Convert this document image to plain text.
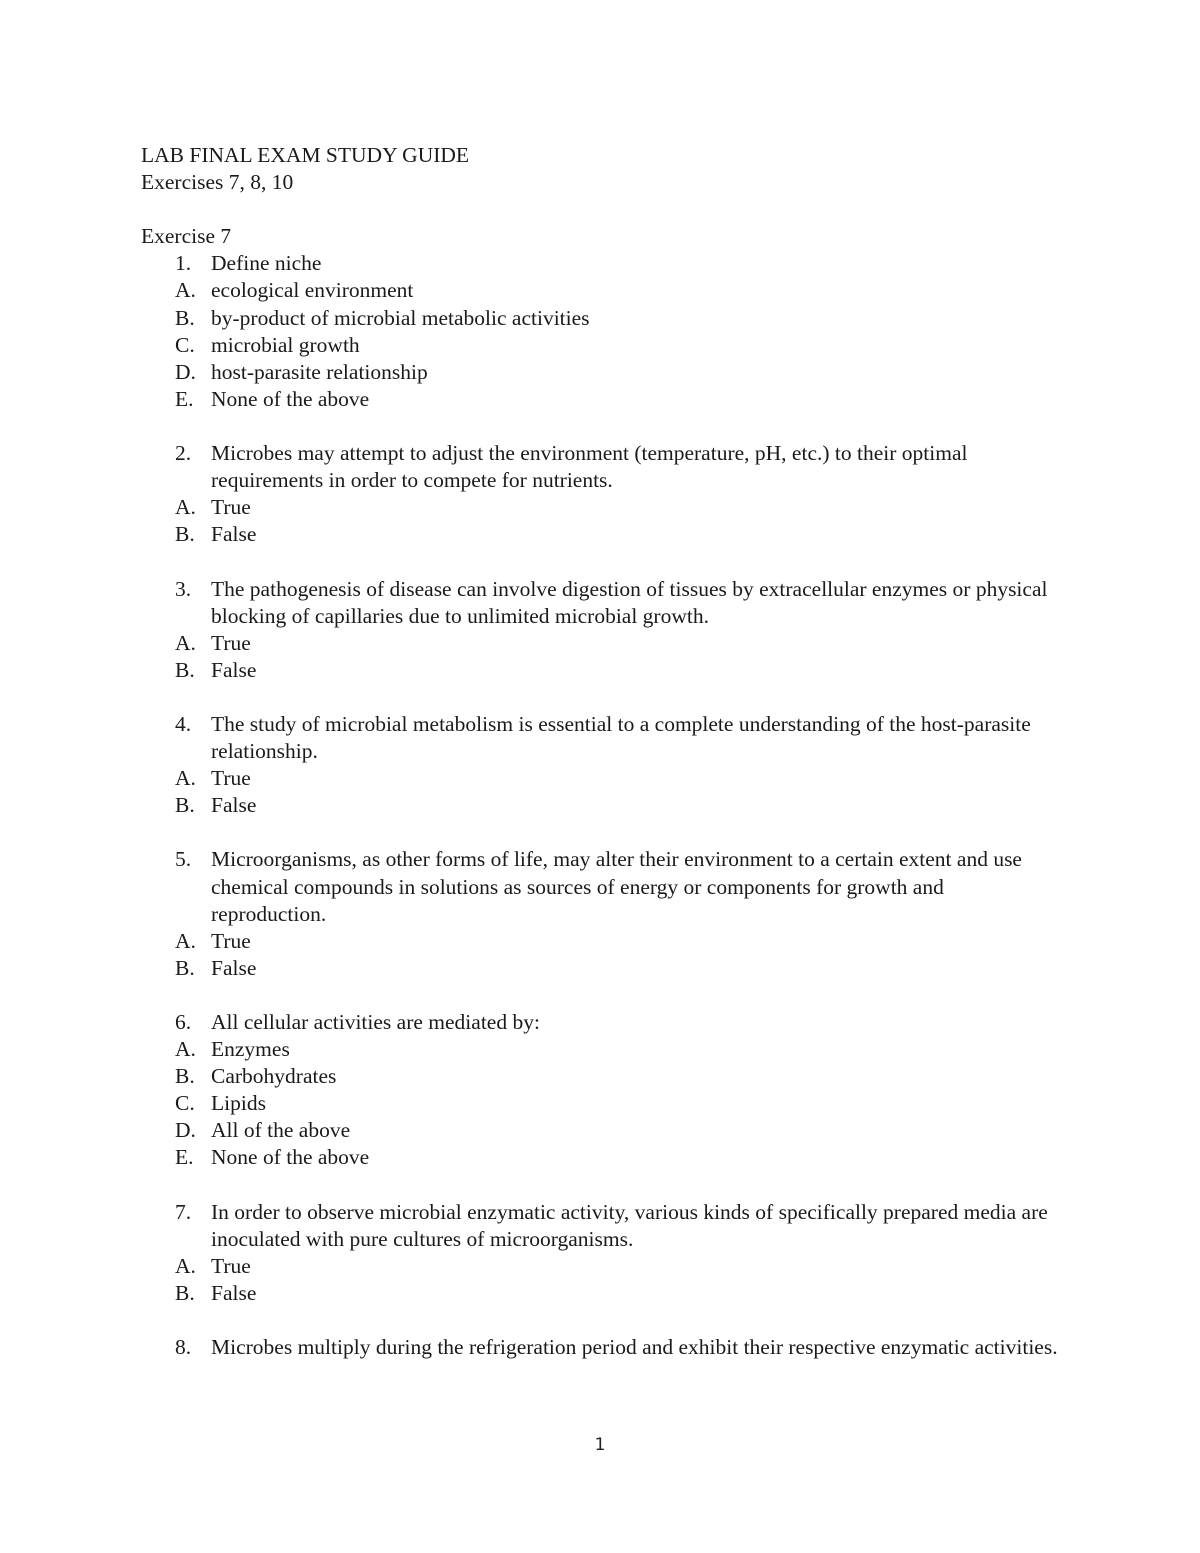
LAB FINAL EXAM STUDY GUIDE
Exercises 7, 8, 10
Exercise 7
1. Define niche
A. ecological environment
B. by-product of microbial metabolic activities
C. microbial growth
D. host-parasite relationship
E. None of the above
2. Microbes may attempt to adjust the environment (temperature, pH, etc.) to their optimal requirements in order to compete for nutrients.
A. True
B. False
3. The pathogenesis of disease can involve digestion of tissues by extracellular enzymes or physical blocking of capillaries due to unlimited microbial growth.
A. True
B. False
4. The study of microbial metabolism is essential to a complete understanding of the host-parasite relationship.
A. True
B. False
5. Microorganisms, as other forms of life, may alter their environment to a certain extent and use chemical compounds in solutions as sources of energy or components for growth and reproduction.
A. True
B. False
6. All cellular activities are mediated by:
A. Enzymes
B. Carbohydrates
C. Lipids
D. All of the above
E. None of the above
7. In order to observe microbial enzymatic activity, various kinds of specifically prepared media are inoculated with pure cultures of microorganisms.
A. True
B. False
8. Microbes multiply during the refrigeration period and exhibit their respective enzymatic activities.
1
